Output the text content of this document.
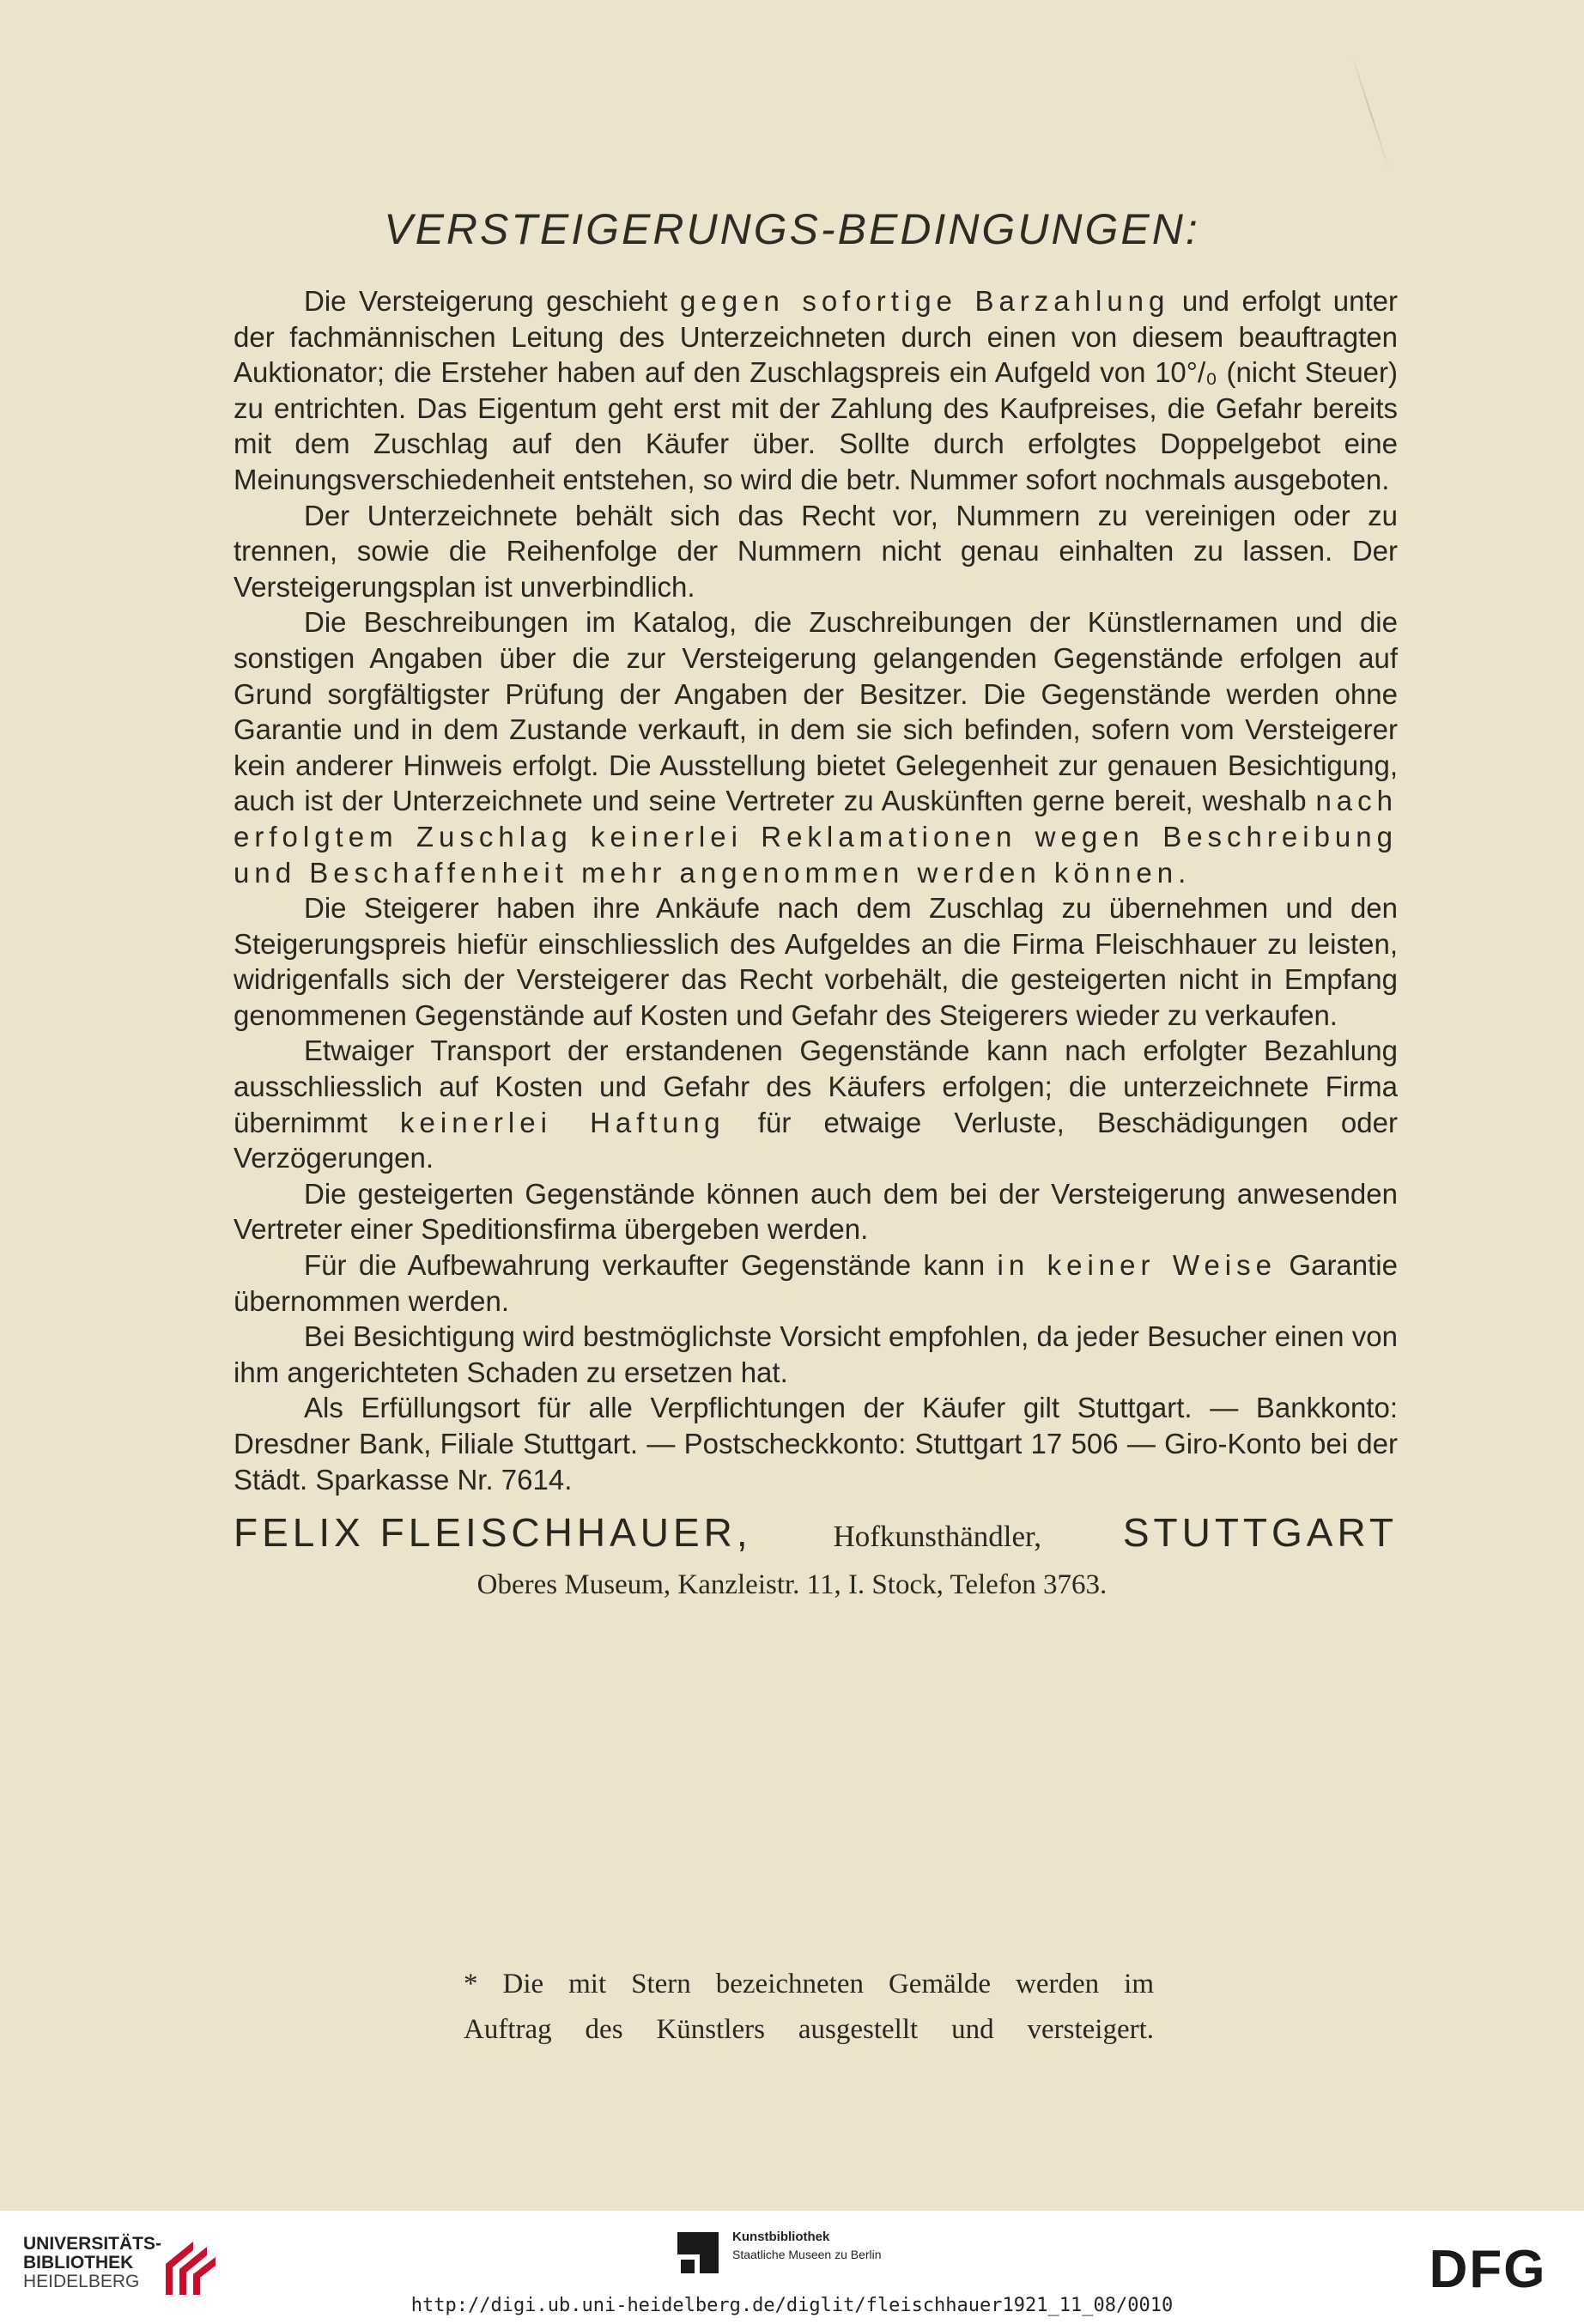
VERSTEIGERUNGS-BEDINGUNGEN:

Die Versteigerung geschieht gegen sofortige Barzahlung und erfolgt unter der fachmännischen Leitung des Unterzeichneten durch einen von diesem beauftragten Auktionator; die Ersteher haben auf den Zuschlagspreis ein Aufgeld von 10°/₀ (nicht Steuer) zu entrichten. Das Eigentum geht erst mit der Zahlung des Kaufpreises, die Gefahr bereits mit dem Zuschlag auf den Käufer über. Sollte durch erfolgtes Doppelgebot eine Meinungsverschiedenheit entstehen, so wird die betr. Nummer sofort nochmals ausgeboten.

Der Unterzeichnete behält sich das Recht vor, Nummern zu vereinigen oder zu trennen, sowie die Reihenfolge der Nummern nicht genau einhalten zu lassen. Der Versteigerungsplan ist unverbindlich.

Die Beschreibungen im Katalog, die Zuschreibungen der Künstlernamen und die sonstigen Angaben über die zur Versteigerung gelangenden Gegenstände erfolgen auf Grund sorgfältigster Prüfung der Angaben der Besitzer. Die Gegenstände werden ohne Garantie und in dem Zustande verkauft, in dem sie sich befinden, sofern vom Versteigerer kein anderer Hinweis erfolgt. Die Ausstellung bietet Gelegenheit zur genauen Besichtigung, auch ist der Unterzeichnete und seine Vertreter zu Auskünften gerne bereit, weshalb nach erfolgtem Zuschlag keinerlei Reklamationen wegen Beschreibung und Beschaffenheit mehr angenommen werden können.

Die Steigerer haben ihre Ankäufe nach dem Zuschlag zu übernehmen und den Steigerungspreis hiefür einschliesslich des Aufgeldes an die Firma Fleischhauer zu leisten, widrigenfalls sich der Versteigerer das Recht vorbehält, die gesteigerten nicht in Empfang genommenen Gegenstände auf Kosten und Gefahr des Steigerers wieder zu verkaufen.

Etwaiger Transport der erstandenen Gegenstände kann nach erfolgter Bezahlung ausschliesslich auf Kosten und Gefahr des Käufers erfolgen; die unterzeichnete Firma übernimmt keinerlei Haftung für etwaige Verluste, Beschädigungen oder Verzögerungen.

Die gesteigerten Gegenstände können auch dem bei der Versteigerung anwesenden Vertreter einer Speditionsfirma übergeben werden.

Für die Aufbewahrung verkaufter Gegenstände kann in keiner Weise Garantie übernommen werden.

Bei Besichtigung wird bestmöglichste Vorsicht empfohlen, da jeder Besucher einen von ihm angerichteten Schaden zu ersetzen hat.

Als Erfüllungsort für alle Verpflichtungen der Käufer gilt Stuttgart. — Bankkonto: Dresdner Bank, Filiale Stuttgart. — Postscheckkonto: Stuttgart 17 506 — Giro-Konto bei der Städt. Sparkasse Nr. 7614.

FELIX FLEISCHHAUER,	Hofkunsthändler, STUTTGART
Oberes Museum, Kanzleistr. 11, I. Stock, Telefon 3763.
* Die mit Stern bezeichneten Gemälde werden im
Auftrag des Künstlers ausgestellt und versteigert.
UNIVERSITÄTS-
BIBLIOTHEK
HEIDELBERG
Kunstbibliothek
Staatliche Museen zu Berlin	DFG
http://digi.ub.uni-heidelberg.de/diglit/fleischhauer1921_11_08/0010
